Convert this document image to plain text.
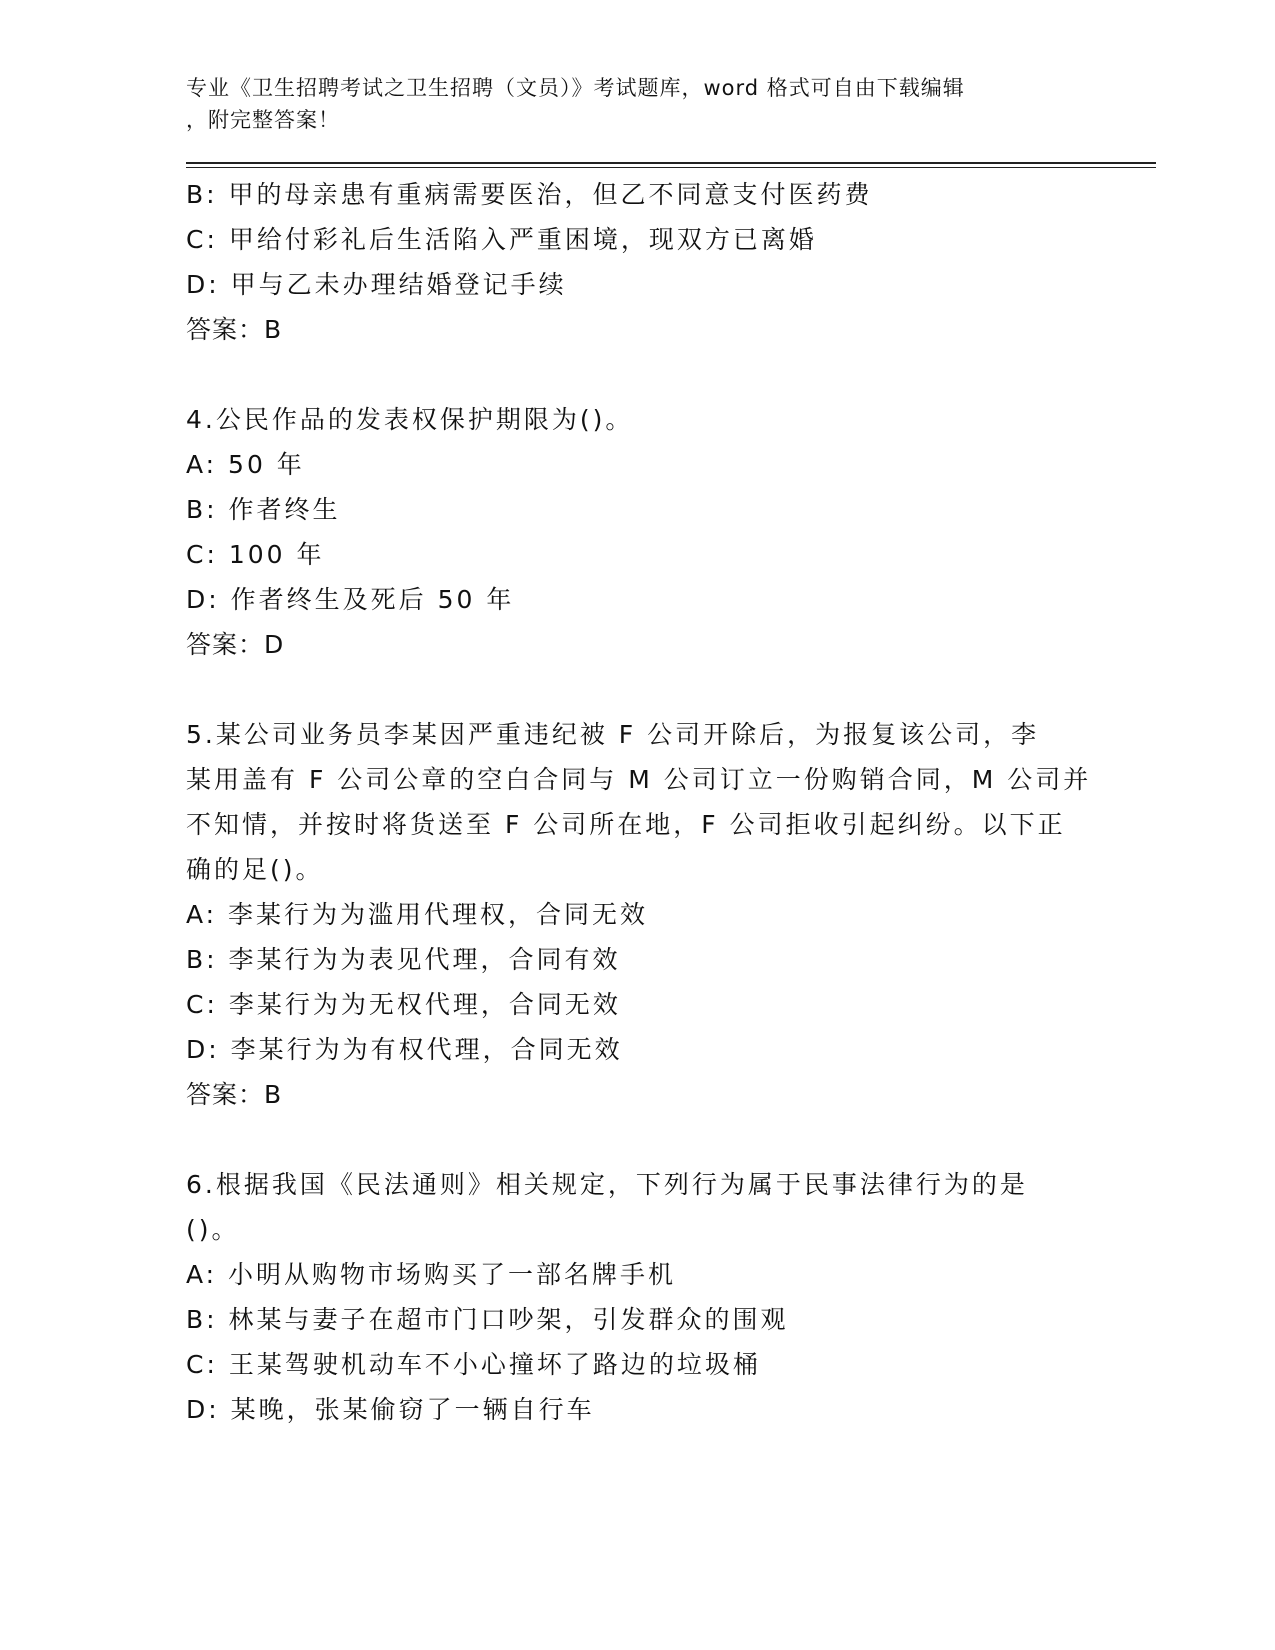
专业《卫生招聘考试之卫生招聘（文员）》考试题库，word 格式可自由下载编辑
，附完整答案！
B: 甲的母亲患有重病需要医治，但乙不同意支付医药费
C: 甲给付彩礼后生活陷入严重困境，现双方已离婚
D: 甲与乙未办理结婚登记手续
答案：B
4.公民作品的发表权保护期限为()。
A: 50 年
B: 作者终生
C: 100 年
D: 作者终生及死后 50 年
答案：D
5.某公司业务员李某因严重违纪被 F 公司开除后，为报复该公司，李
某用盖有 F 公司公章的空白合同与 M 公司订立一份购销合同，M 公司并
不知情，并按时将货送至 F 公司所在地，F 公司拒收引起纠纷。以下正
确的足()。
A: 李某行为为滥用代理权，合同无效
B: 李某行为为表见代理，合同有效
C: 李某行为为无权代理，合同无效
D: 李某行为为有权代理，合同无效
答案：B
6.根据我国《民法通则》相关规定，下列行为属于民事法律行为的是
()。
A: 小明从购物市场购买了一部名牌手机
B: 林某与妻子在超市门口吵架，引发群众的围观
C: 王某驾驶机动车不小心撞坏了路边的垃圾桶
D: 某晚，张某偷窃了一辆自行车
